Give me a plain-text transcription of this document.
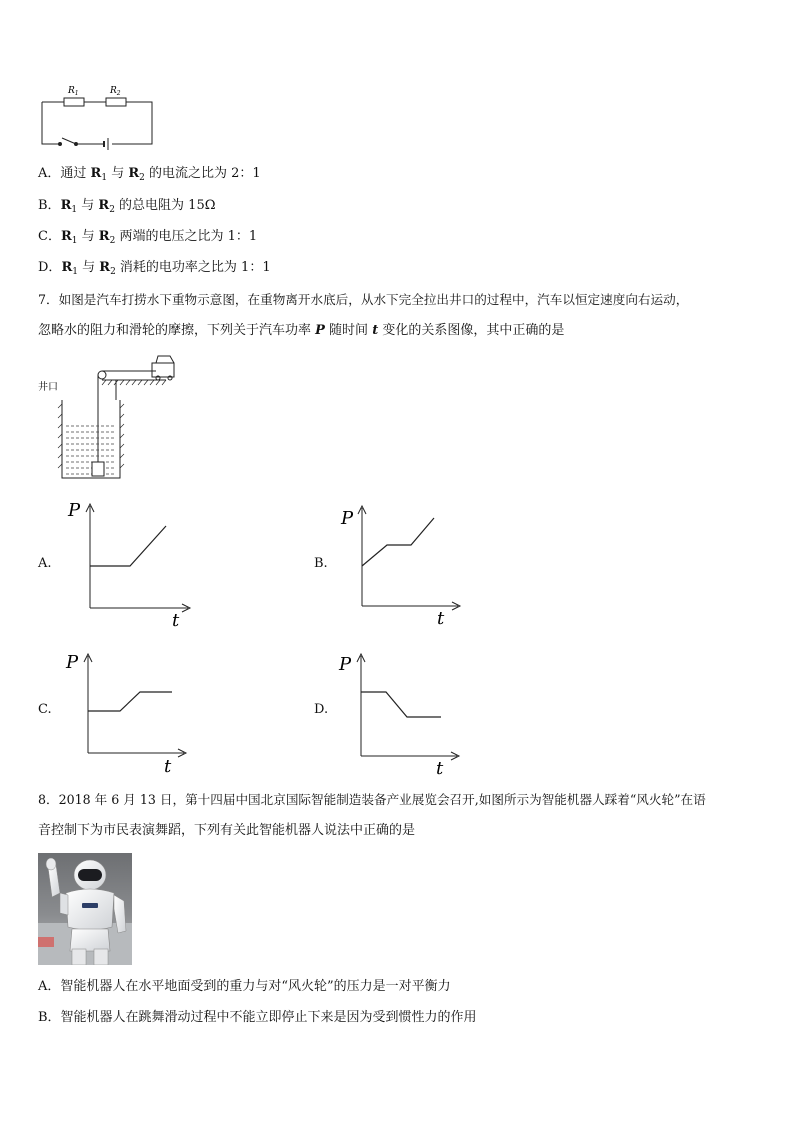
$R_1$	$R_2$
A．通过 $R_1$ 与 $R_2$ 的电流之比为 2：1
B．$R_1$ 与 $R_2$ 的总电阻为 15Ω
C．$R_1$ 与 $R_2$ 两端的电压之比为 1：1
D．$R_1$ 与 $R_2$ 消耗的电功率之比为 1：1
7．如图是汽车打捞水下重物示意图，在重物离开水底后，从水下完全拉出井口的过程中，汽车以恒定速度向右运动，
忽略水的阻力和滑轮的摩擦，下列关于汽车功率 P 随时间 t 变化的关系图像，其中正确的是
井口
A.
P
t
B.
P
t
C.
P
t
D.
P
t
8．2018 年 6 月 13 日，第十四届中国北京国际智能制造装备产业展览会召开,如图所示为智能机器人踩着“风火轮”在语
音控制下为市民表演舞蹈，下列有关此智能机器人说法中正确的是
A．智能机器人在水平地面受到的重力与对“风火轮”的压力是一对平衡力
B．智能机器人在跳舞滑动过程中不能立即停止下来是因为受到惯性力的作用
